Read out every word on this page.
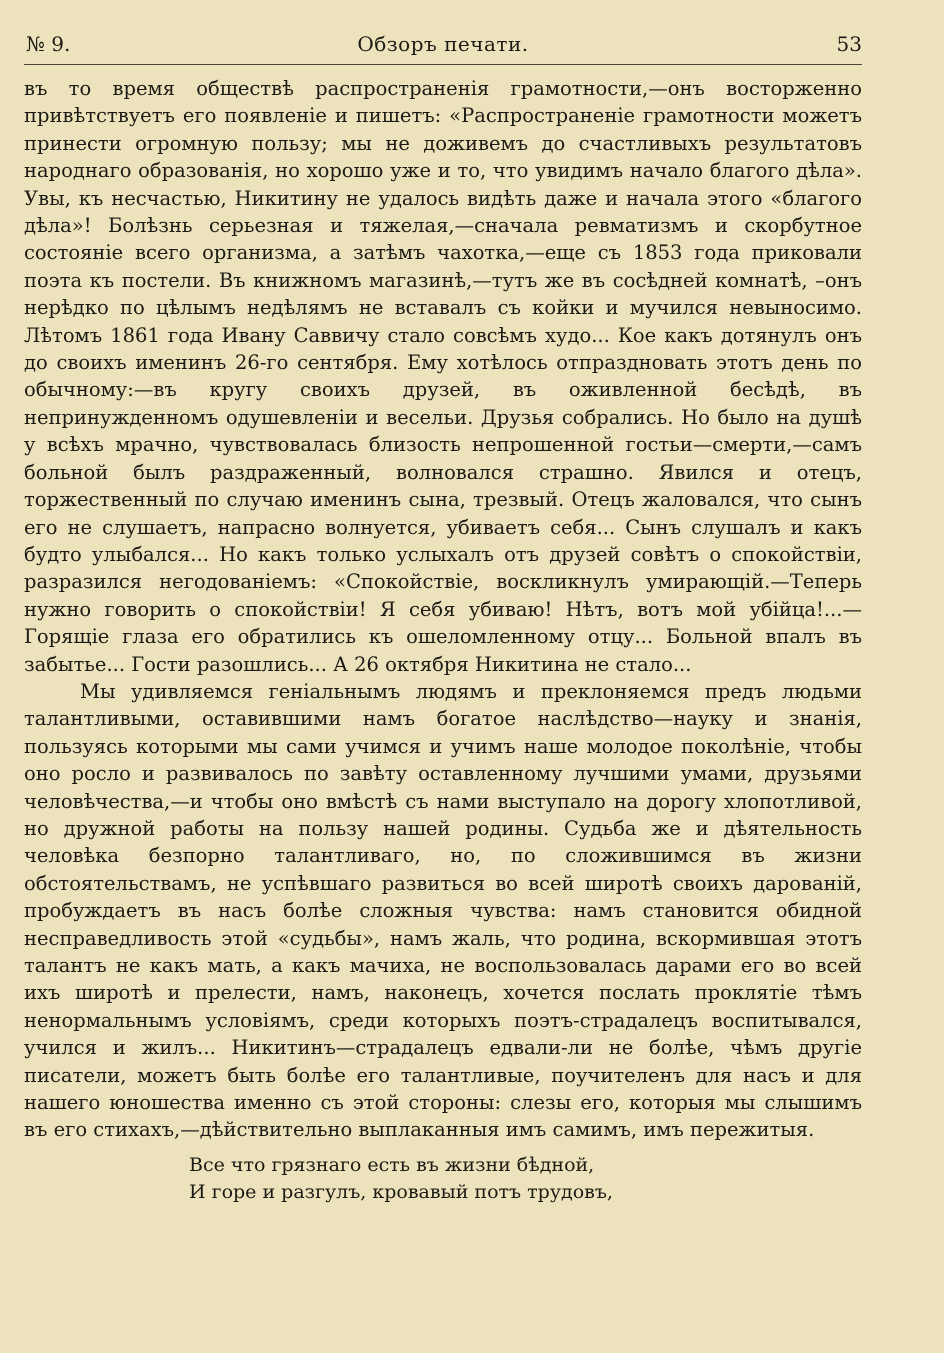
№ 9.	Обзоръ печати.	53

въ то время обществѣ распространенія грамотности,—онъ восторженно привѣтствуетъ его появленіе и пишетъ: «Распространеніе грамотности можетъ принести огромную пользу; мы не доживемъ до счастливыхъ результатовъ народнаго образованія, но хорошо уже и то, что увидимъ начало благого дѣла». Увы, къ несчастью, Никитину не удалось видѣть даже и начала этого «благого дѣла»! Болѣзнь серьезная и тяжелая,—сначала ревматизмъ и скорбутное состояніе всего организма, а затѣмъ чахотка,—еще съ 1853 года приковали поэта къ постели. Въ книжномъ магазинѣ,—тутъ же въ сосѣдней комнатѣ, –онъ нерѣдко по цѣлымъ недѣлямъ не вставалъ съ койки и мучился невыносимо. Лѣтомъ 1861 года Ивану Саввичу стало совсѣмъ худо... Кое какъ дотянулъ онъ до своихъ именинъ 26-го сентября. Ему хотѣлось отпраздновать этотъ день по обычному:—въ кругу своихъ друзей, въ оживленной бесѣдѣ, въ непринужденномъ одушевленіи и весельи. Друзья собрались. Но было на душѣ у всѣхъ мрачно, чувствовалась близость непрошенной гостьи—смерти,—самъ больной былъ раздраженный, волновался страшно. Явился и отецъ, торжественный по случаю именинъ сына, трезвый. Отецъ жаловался, что сынъ его не слушаетъ, напрасно волнуется, убиваетъ себя... Сынъ слушалъ и какъ будто улыбался... Но какъ только услыхалъ отъ друзей совѣтъ о спокойствіи, разразился негодованіемъ: «Спокойствіе, воскликнулъ умирающій.—Теперь нужно говорить о спокойствіи! Я себя убиваю! Нѣтъ, вотъ мой убійца!...—Горящіе глаза его обратились къ ошеломленному отцу... Больной впалъ въ забытье... Гости разошлись... А 26 октября Никитина не стало...

Мы удивляемся геніальнымъ людямъ и преклоняемся предъ людьми талантливыми, оставившими намъ богатое наслѣдство—науку и знанія, пользуясь которыми мы сами учимся и учимъ наше молодое поколѣніе, чтобы оно росло и развивалось по завѣту оставленному лучшими умами, друзьями человѣчества,—и чтобы оно вмѣстѣ съ нами выступало на дорогу хлопотливой, но дружной работы на пользу нашей родины. Судьба же и дѣятельность человѣка безпорно талантливаго, но, по сложившимся въ жизни обстоятельствамъ, не успѣвшаго развиться во всей широтѣ своихъ дарованій, пробуждаетъ въ насъ болѣе сложныя чувства: намъ становится обидной несправедливость этой «судьбы», намъ жаль, что родина, вскормившая этотъ талантъ не какъ мать, а какъ мачиха, не воспользовалась дарами его во всей ихъ широтѣ и прелести, намъ, наконецъ, хочется послать проклятіе тѣмъ ненормальнымъ условіямъ, среди которыхъ поэтъ-страдалецъ воспитывался, учился и жилъ... Никитинъ—страдалецъ едвали-ли не болѣе, чѣмъ другіе писатели, можетъ быть болѣе его талантливые, поучителенъ для насъ и для нашего юношества именно съ этой стороны: слезы его, которыя мы слышимъ въ его стихахъ,—дѣйствительно выплаканныя имъ самимъ, имъ пережитыя.

Все что грязнаго есть въ жизни бѣдной,
И горе и разгулъ, кровавый потъ трудовъ,
